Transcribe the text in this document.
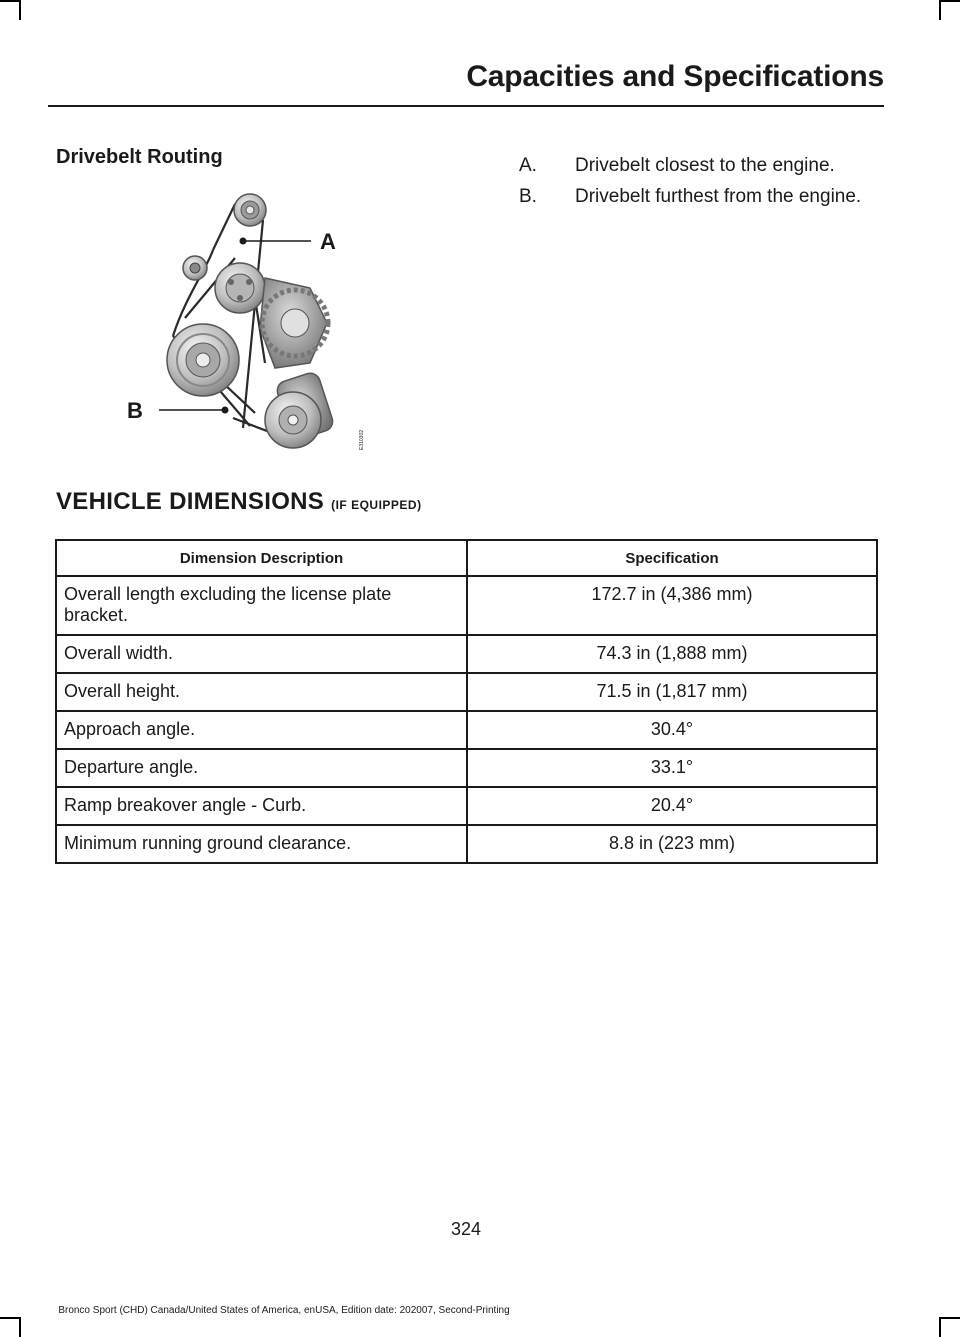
Capacities and Specifications
Drivebelt Routing	A.	Drivebelt closest to the engine.
B.	Drivebelt furthest from the engine.
A
B
E310302
VEHICLE DIMENSIONS (IF EQUIPPED)
Dimension Description	Specification
Overall length excluding the license plate bracket.	172.7 in (4,386 mm)
Overall width.	74.3 in (1,888 mm)
Overall height.	71.5 in (1,817 mm)
Approach angle.	30.4°
Departure angle.	33.1°
Ramp breakover angle - Curb.	20.4°
Minimum running ground clearance.	8.8 in (223 mm)
324
Bronco Sport (CHD) Canada/United States of America, enUSA, Edition date: 202007, Second-Printing
